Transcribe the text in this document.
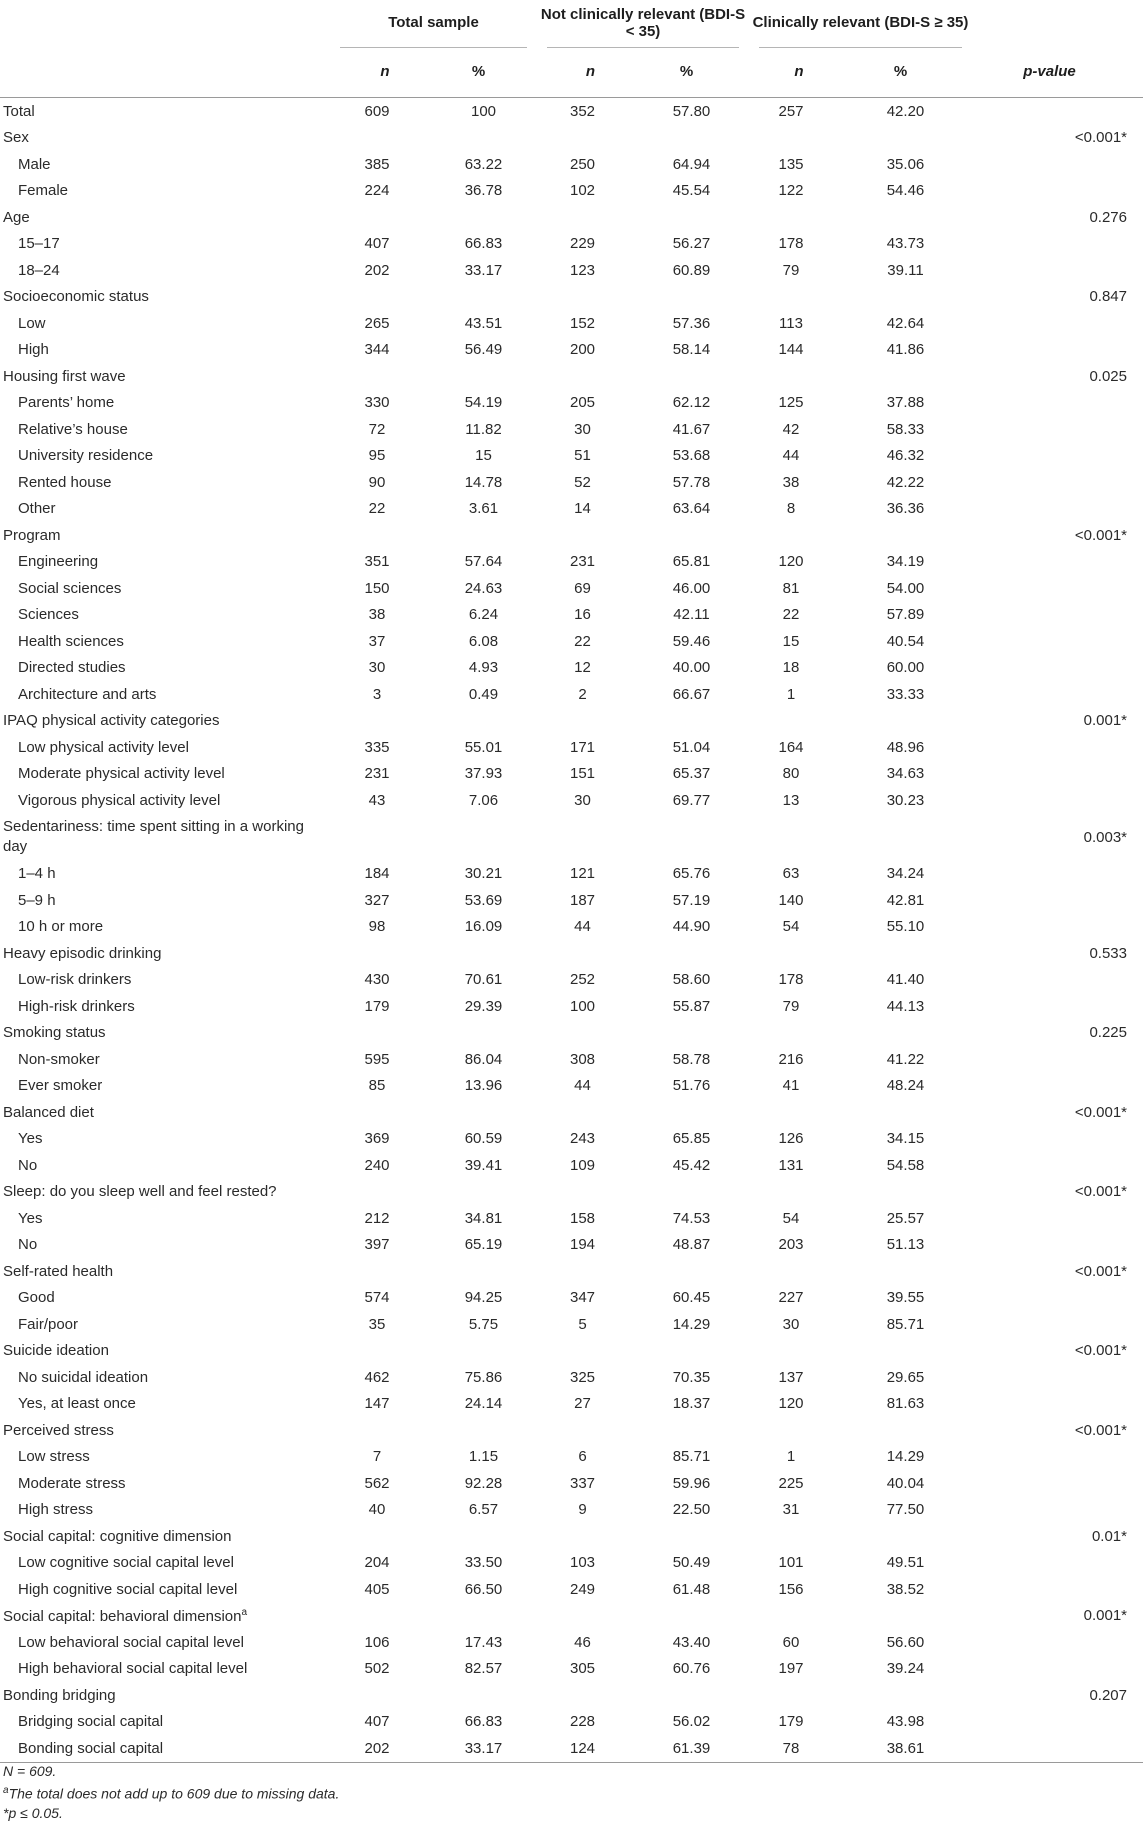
	Total sample		Not clinically relevant (BDI-S < 35)		Clinically relevant (BDI-S ≥ 35)		

	n	%	n	%	n	%	p-value
Total	609	100	352	57.80	257	42.20	
Sex							<0.001*
Male	385	63.22	250	64.94	135	35.06	
Female	224	36.78	102	45.54	122	54.46	
Age							0.276
15–17	407	66.83	229	56.27	178	43.73	
18–24	202	33.17	123	60.89	79	39.11	
Socioeconomic status							0.847
Low	265	43.51	152	57.36	113	42.64	
High	344	56.49	200	58.14	144	41.86	
Housing first wave							0.025
Parents’ home	330	54.19	205	62.12	125	37.88	
Relative’s house	72	11.82	30	41.67	42	58.33	
University residence	95	15	51	53.68	44	46.32	
Rented house	90	14.78	52	57.78	38	42.22	
Other	22	3.61	14	63.64	8	36.36	
Program							<0.001*
Engineering	351	57.64	231	65.81	120	34.19	
Social sciences	150	24.63	69	46.00	81	54.00	
Sciences	38	6.24	16	42.11	22	57.89	
Health sciences	37	6.08	22	59.46	15	40.54	
Directed studies	30	4.93	12	40.00	18	60.00	
Architecture and arts	3	0.49	2	66.67	1	33.33	
IPAQ physical activity categories							0.001*
Low physical activity level	335	55.01	171	51.04	164	48.96	
Moderate physical activity level	231	37.93	151	65.37	80	34.63	
Vigorous physical activity level	43	7.06	30	69.77	13	30.23	
Sedentariness: time spent sitting in a working day							0.003*
1–4 h	184	30.21	121	65.76	63	34.24	
5–9 h	327	53.69	187	57.19	140	42.81	
10 h or more	98	16.09	44	44.90	54	55.10	
Heavy episodic drinking							0.533
Low-risk drinkers	430	70.61	252	58.60	178	41.40	
High-risk drinkers	179	29.39	100	55.87	79	44.13	
Smoking status							0.225
Non-smoker	595	86.04	308	58.78	216	41.22	
Ever smoker	85	13.96	44	51.76	41	48.24	
Balanced diet							<0.001*
Yes	369	60.59	243	65.85	126	34.15	
No	240	39.41	109	45.42	131	54.58	
Sleep: do you sleep well and feel rested?							<0.001*
Yes	212	34.81	158	74.53	54	25.57	
No	397	65.19	194	48.87	203	51.13	
Self-rated health							<0.001*
Good	574	94.25	347	60.45	227	39.55	
Fair/poor	35	5.75	5	14.29	30	85.71	
Suicide ideation							<0.001*
No suicidal ideation	462	75.86	325	70.35	137	29.65	
Yes, at least once	147	24.14	27	18.37	120	81.63	
Perceived stress							<0.001*
Low stress	7	1.15	6	85.71	1	14.29	
Moderate stress	562	92.28	337	59.96	225	40.04	
High stress	40	6.57	9	22.50	31	77.50	
Social capital: cognitive dimension							0.01*
Low cognitive social capital level	204	33.50	103	50.49	101	49.51	
High cognitive social capital level	405	66.50	249	61.48	156	38.52	
Social capital: behavioral dimension$^a$							0.001*
Low behavioral social capital level	106	17.43	46	43.40	60	56.60	
High behavioral social capital level	502	82.57	305	60.76	197	39.24	
Bonding bridging							0.207
Bridging social capital	407	66.83	228	56.02	179	43.98	
Bonding social capital	202	33.17	124	61.39	78	38.61	
N = 609.
$^a$The total does not add up to 609 due to missing data.
*p ≤ 0.05.
